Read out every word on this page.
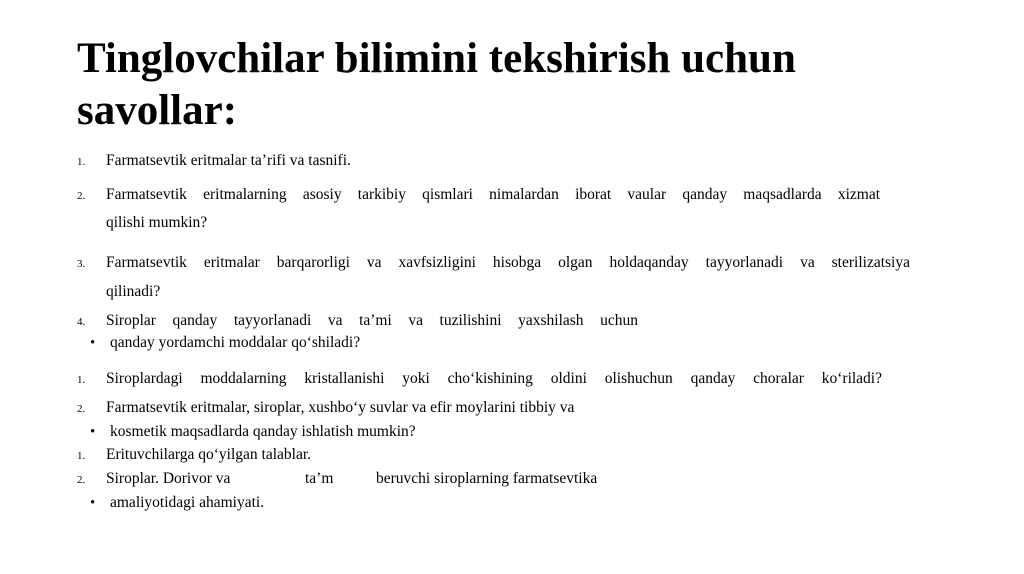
Tinglovchilar bilimini tekshirish uchun
savollar:
1. Farmatsevtik eritmalar ta’rifi va tasnifi.
2. Farmatsevtik eritmalarning asosiy tarkibiy qismlari nimalardan iborat vaular qanday maqsadlarda xizmat
qilishi mumkin?
3. Farmatsevtik eritmalar barqarorligi va xavfsizligini hisobga olgan holdaqanday tayyorlanadi va sterilizatsiya
qilinadi?
4. Siroplar qanday tayyorlanadi va ta’mi va tuzilishini yaxshilash uchun
• qanday yordamchi moddalar qo‘shiladi?
1. Siroplardagi moddalarning kristallanishi yoki cho‘kishining oldini olishuchun qanday choralar ko‘riladi?
2. Farmatsevtik eritmalar, siroplar, xushbo‘y suvlar va efir moylarini tibbiy va
• kosmetik maqsadlarda qanday ishlatish mumkin?
1. Erituvchilarga qo‘yilgan talablar.
2. Siroplar. Dorivor va	ta’m	beruvchi siroplarning farmatsevtika
• amaliyotidagi ahamiyati.
